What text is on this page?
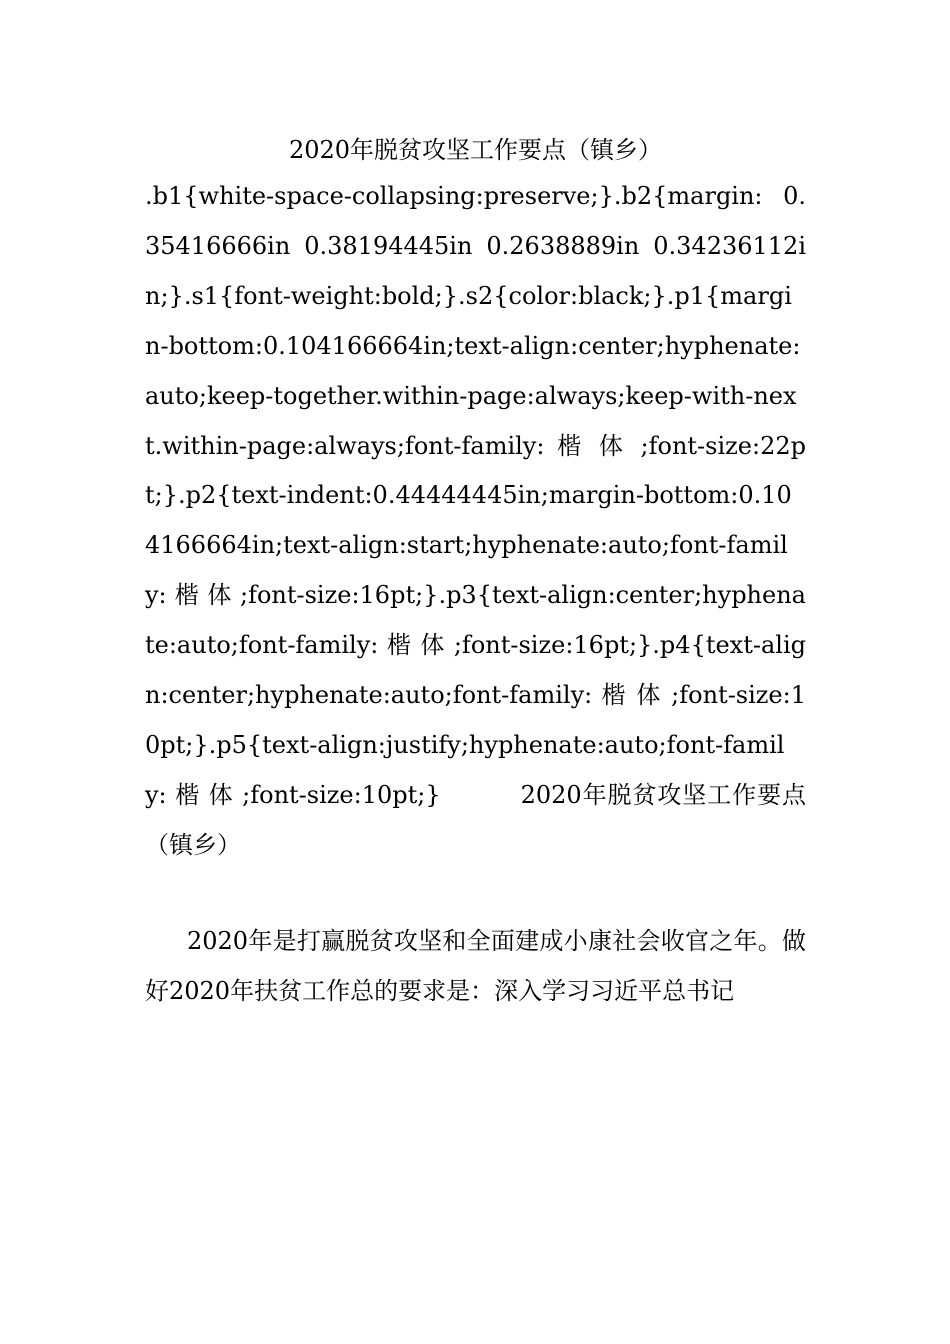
2020年脱贫攻坚工作要点（镇乡）

.b1{white-space-collapsing:preserve;}.b2{margin: 0.35416666in 0.38194445in 0.2638889in 0.34236112in;}.s1{font-weight:bold;}.s2{color:black;}.p1{margin-bottom:0.104166664in;text-align:center;hyphenate:auto;keep-together.within-page:always;keep-with-next.within-page:always;font-family: 楷 体 ;font-size:22pt;}.p2{text-indent:0.44444445in;margin-bottom:0.104166664in;text-align:start;hyphenate:auto;font-family: 楷 体 ;font-size:16pt;}.p3{text-align:center;hyphenate:auto;font-family: 楷 体 ;font-size:16pt;}.p4{text-align:center;hyphenate:auto;font-family: 楷 体 ;font-size:10pt;}.p5{text-align:justify;hyphenate:auto;font-family: 楷 体 ;font-size:10pt;}	2020年脱贫攻坚工作要点（镇乡）

2020年是打赢脱贫攻坚和全面建成小康社会收官之年。做好2020年扶贫工作总的要求是：深入学习习近平总书记
